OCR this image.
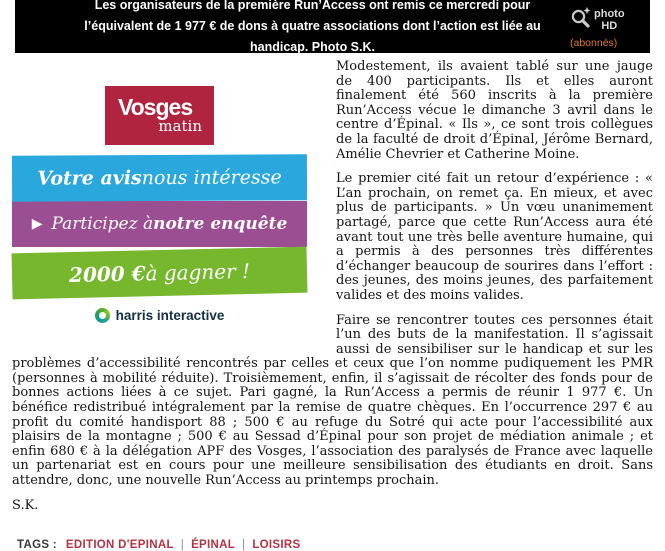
Les organisateurs de la première Run’Access ont remis ce mercredi pour l’équivalent de 1 977 € de dons à quatre associations dont l’action est liée au handicap. Photo S.K.
photo
HD
(abonnés)
Vosges
matin
Votre avis nous intéresse
▶ Participez à notre enquête
2000 € à gagner !
harris interactive

Modestement, ils avaient tablé sur une jauge de 400 participants. Ils et elles auront finalement été 560 inscrits à la première Run’Access vécue le dimanche 3 avril dans le centre d’Épinal. « Ils », ce sont trois collègues de la faculté de droit d’Épinal, Jérôme Bernard, Amélie Chevrier et Catherine Moine.

Le premier cité fait un retour d’expérience : « L’an prochain, on remet ça. En mieux, et avec plus de participants. » Un vœu unanimement partagé, parce que cette Run’Access aura été avant tout une très belle aventure humaine, qui a permis à des personnes très différentes d’échanger beaucoup de sourires dans l’effort : des jeunes, des moins jeunes, des parfaitement valides et des moins valides.

Faire se rencontrer toutes ces personnes était l’un des buts de la manifestation. Il s’agissait aussi de sensibiliser sur le handicap et sur les problèmes d’accessibilité rencontrés par celles et ceux que l’on nomme pudiquement les PMR (personnes à mobilité réduite). Troisièmement, enfin, il s’agissait de récolter des fonds pour de bonnes actions liées à ce sujet. Pari gagné, la Run’Access a permis de réunir 1 977 €. Un bénéfice redistribué intégralement par la remise de quatre chèques. En l’occurrence 297 € au profit du comité handisport 88 ; 500 € au refuge du Sotré qui acte pour l’accessibilité aux plaisirs de la montagne ; 500 € au Sessad d’Épinal pour son projet de médiation animale ; et enfin 680 € à la délégation APF des Vosges, l’association des paralysés de France avec laquelle un partenariat est en cours pour une meilleure sensibilisation des étudiants en droit. Sans attendre, donc, une nouvelle Run’Access au printemps prochain.

S.K.

TAGS : EDITION D'EPINAL | ÉPINAL | LOISIRS
